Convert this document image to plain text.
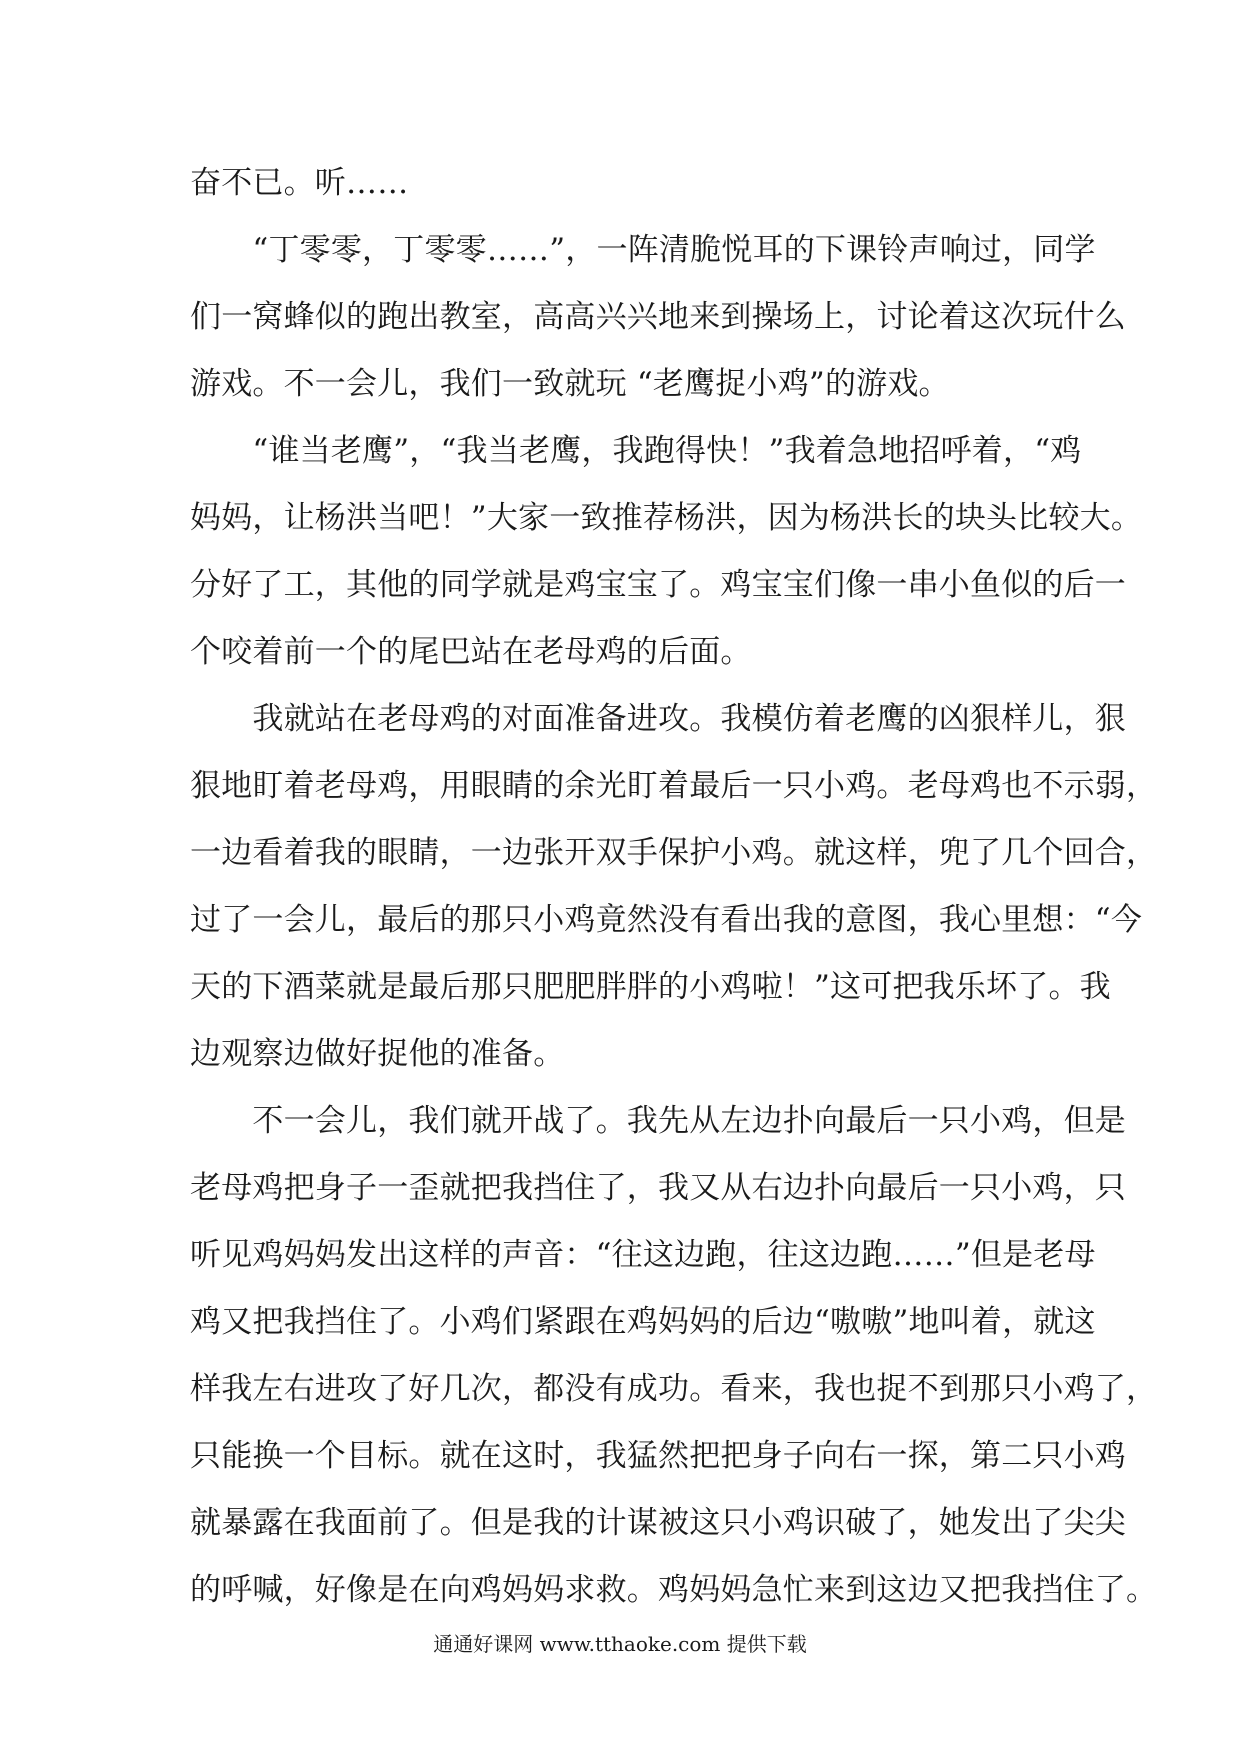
奋不已。听……
　　“丁零零，丁零零……”，一阵清脆悦耳的下课铃声响过，同学
们一窝蜂似的跑出教室，高高兴兴地来到操场上，讨论着这次玩什么
游戏。不一会儿，我们一致就玩 “老鹰捉小鸡”的游戏。
　　“谁当老鹰”，“我当老鹰，我跑得快！”我着急地招呼着，“鸡
妈妈，让杨洪当吧！”大家一致推荐杨洪，因为杨洪长的块头比较大。
分好了工，其他的同学就是鸡宝宝了。鸡宝宝们像一串小鱼似的后一
个咬着前一个的尾巴站在老母鸡的后面。
　　我就站在老母鸡的对面准备进攻。我模仿着老鹰的凶狠样儿，狠
狠地盯着老母鸡，用眼睛的余光盯着最后一只小鸡。老母鸡也不示弱，
一边看着我的眼睛，一边张开双手保护小鸡。就这样，兜了几个回合，
过了一会儿，最后的那只小鸡竟然没有看出我的意图，我心里想：“今
天的下酒菜就是最后那只肥肥胖胖的小鸡啦！”这可把我乐坏了。我
边观察边做好捉他的准备。
　　不一会儿，我们就开战了。我先从左边扑向最后一只小鸡，但是
老母鸡把身子一歪就把我挡住了，我又从右边扑向最后一只小鸡，只
听见鸡妈妈发出这样的声音：“往这边跑，往这边跑……”但是老母
鸡又把我挡住了。小鸡们紧跟在鸡妈妈的后边“嗷嗷”地叫着，就这
样我左右进攻了好几次，都没有成功。看来，我也捉不到那只小鸡了，
只能换一个目标。就在这时，我猛然把把身子向右一探，第二只小鸡
就暴露在我面前了。但是我的计谋被这只小鸡识破了，她发出了尖尖
的呼喊，好像是在向鸡妈妈求救。鸡妈妈急忙来到这边又把我挡住了。
通通好课网 www.tthaoke.com 提供下载
